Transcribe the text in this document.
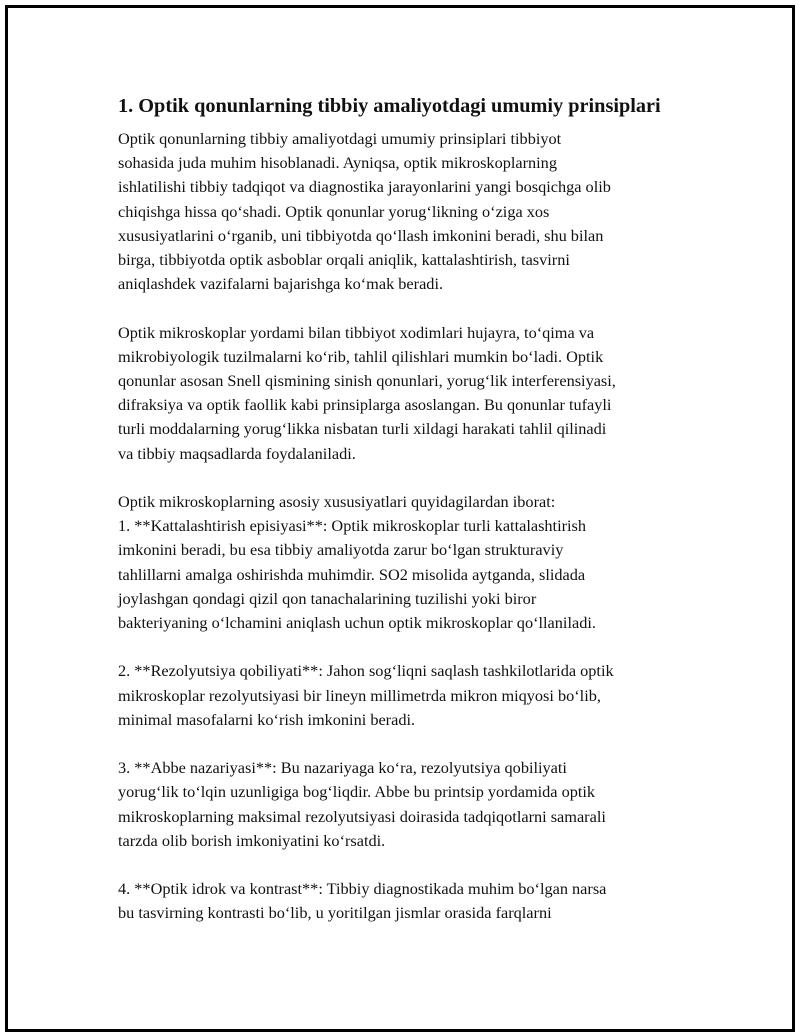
1. Optik qonunlarning tibbiy amaliyotdagi umumiy prinsiplari
Optik qonunlarning tibbiy amaliyotdagi umumiy prinsiplari tibbiyot
sohasida juda muhim hisoblanadi. Ayniqsa, optik mikroskoplarning
ishlatilishi tibbiy tadqiqot va diagnostika jarayonlarini yangi bosqichga olib
chiqishga hissa qo‘shadi. Optik qonunlar yorug‘likning o‘ziga xos
xususiyatlarini o‘rganib, uni tibbiyotda qo‘llash imkonini beradi, shu bilan
birga, tibbiyotda optik asboblar orqali aniqlik, kattalashtirish, tasvirni
aniqlashdek vazifalarni bajarishga ko‘mak beradi.
Optik mikroskoplar yordami bilan tibbiyot xodimlari hujayra, to‘qima va
mikrobiyologik tuzilmalarni ko‘rib, tahlil qilishlari mumkin bo‘ladi. Optik
qonunlar asosan Snell qismining sinish qonunlari, yorug‘lik interferensiyasi,
difraksiya va optik faollik kabi prinsiplarga asoslangan. Bu qonunlar tufayli
turli moddalarning yorug‘likka nisbatan turli xildagi harakati tahlil qilinadi
va tibbiy maqsadlarda foydalaniladi.
Optik mikroskoplarning asosiy xususiyatlari quyidagilardan iborat:
1. **Kattalashtirish episiyasi**: Optik mikroskoplar turli kattalashtirish
imkonini beradi, bu esa tibbiy amaliyotda zarur bo‘lgan strukturaviy
tahlillarni amalga oshirishda muhimdir. SO2 misolida aytganda, slidada
joylashgan qondagi qizil qon tanachalarining tuzilishi yoki biror
bakteriyaning o‘lchamini aniqlash uchun optik mikroskoplar qo‘llaniladi.
2. **Rezolyutsiya qobiliyati**: Jahon sog‘liqni saqlash tashkilotlarida optik
mikroskoplar rezolyutsiyasi bir lineyn millimetrda mikron miqyosi bo‘lib,
minimal masofalarni ko‘rish imkonini beradi.
3. **Abbe nazariyasi**: Bu nazariyaga ko‘ra, rezolyutsiya qobiliyati
yorug‘lik to‘lqin uzunligiga bog‘liqdir. Abbe bu printsip yordamida optik
mikroskoplarning maksimal rezolyutsiyasi doirasida tadqiqotlarni samarali
tarzda olib borish imkoniyatini ko‘rsatdi.
4. **Optik idrok va kontrast**: Tibbiy diagnostikada muhim bo‘lgan narsa
bu tasvirning kontrasti bo‘lib, u yoritilgan jismlar orasida farqlarni
